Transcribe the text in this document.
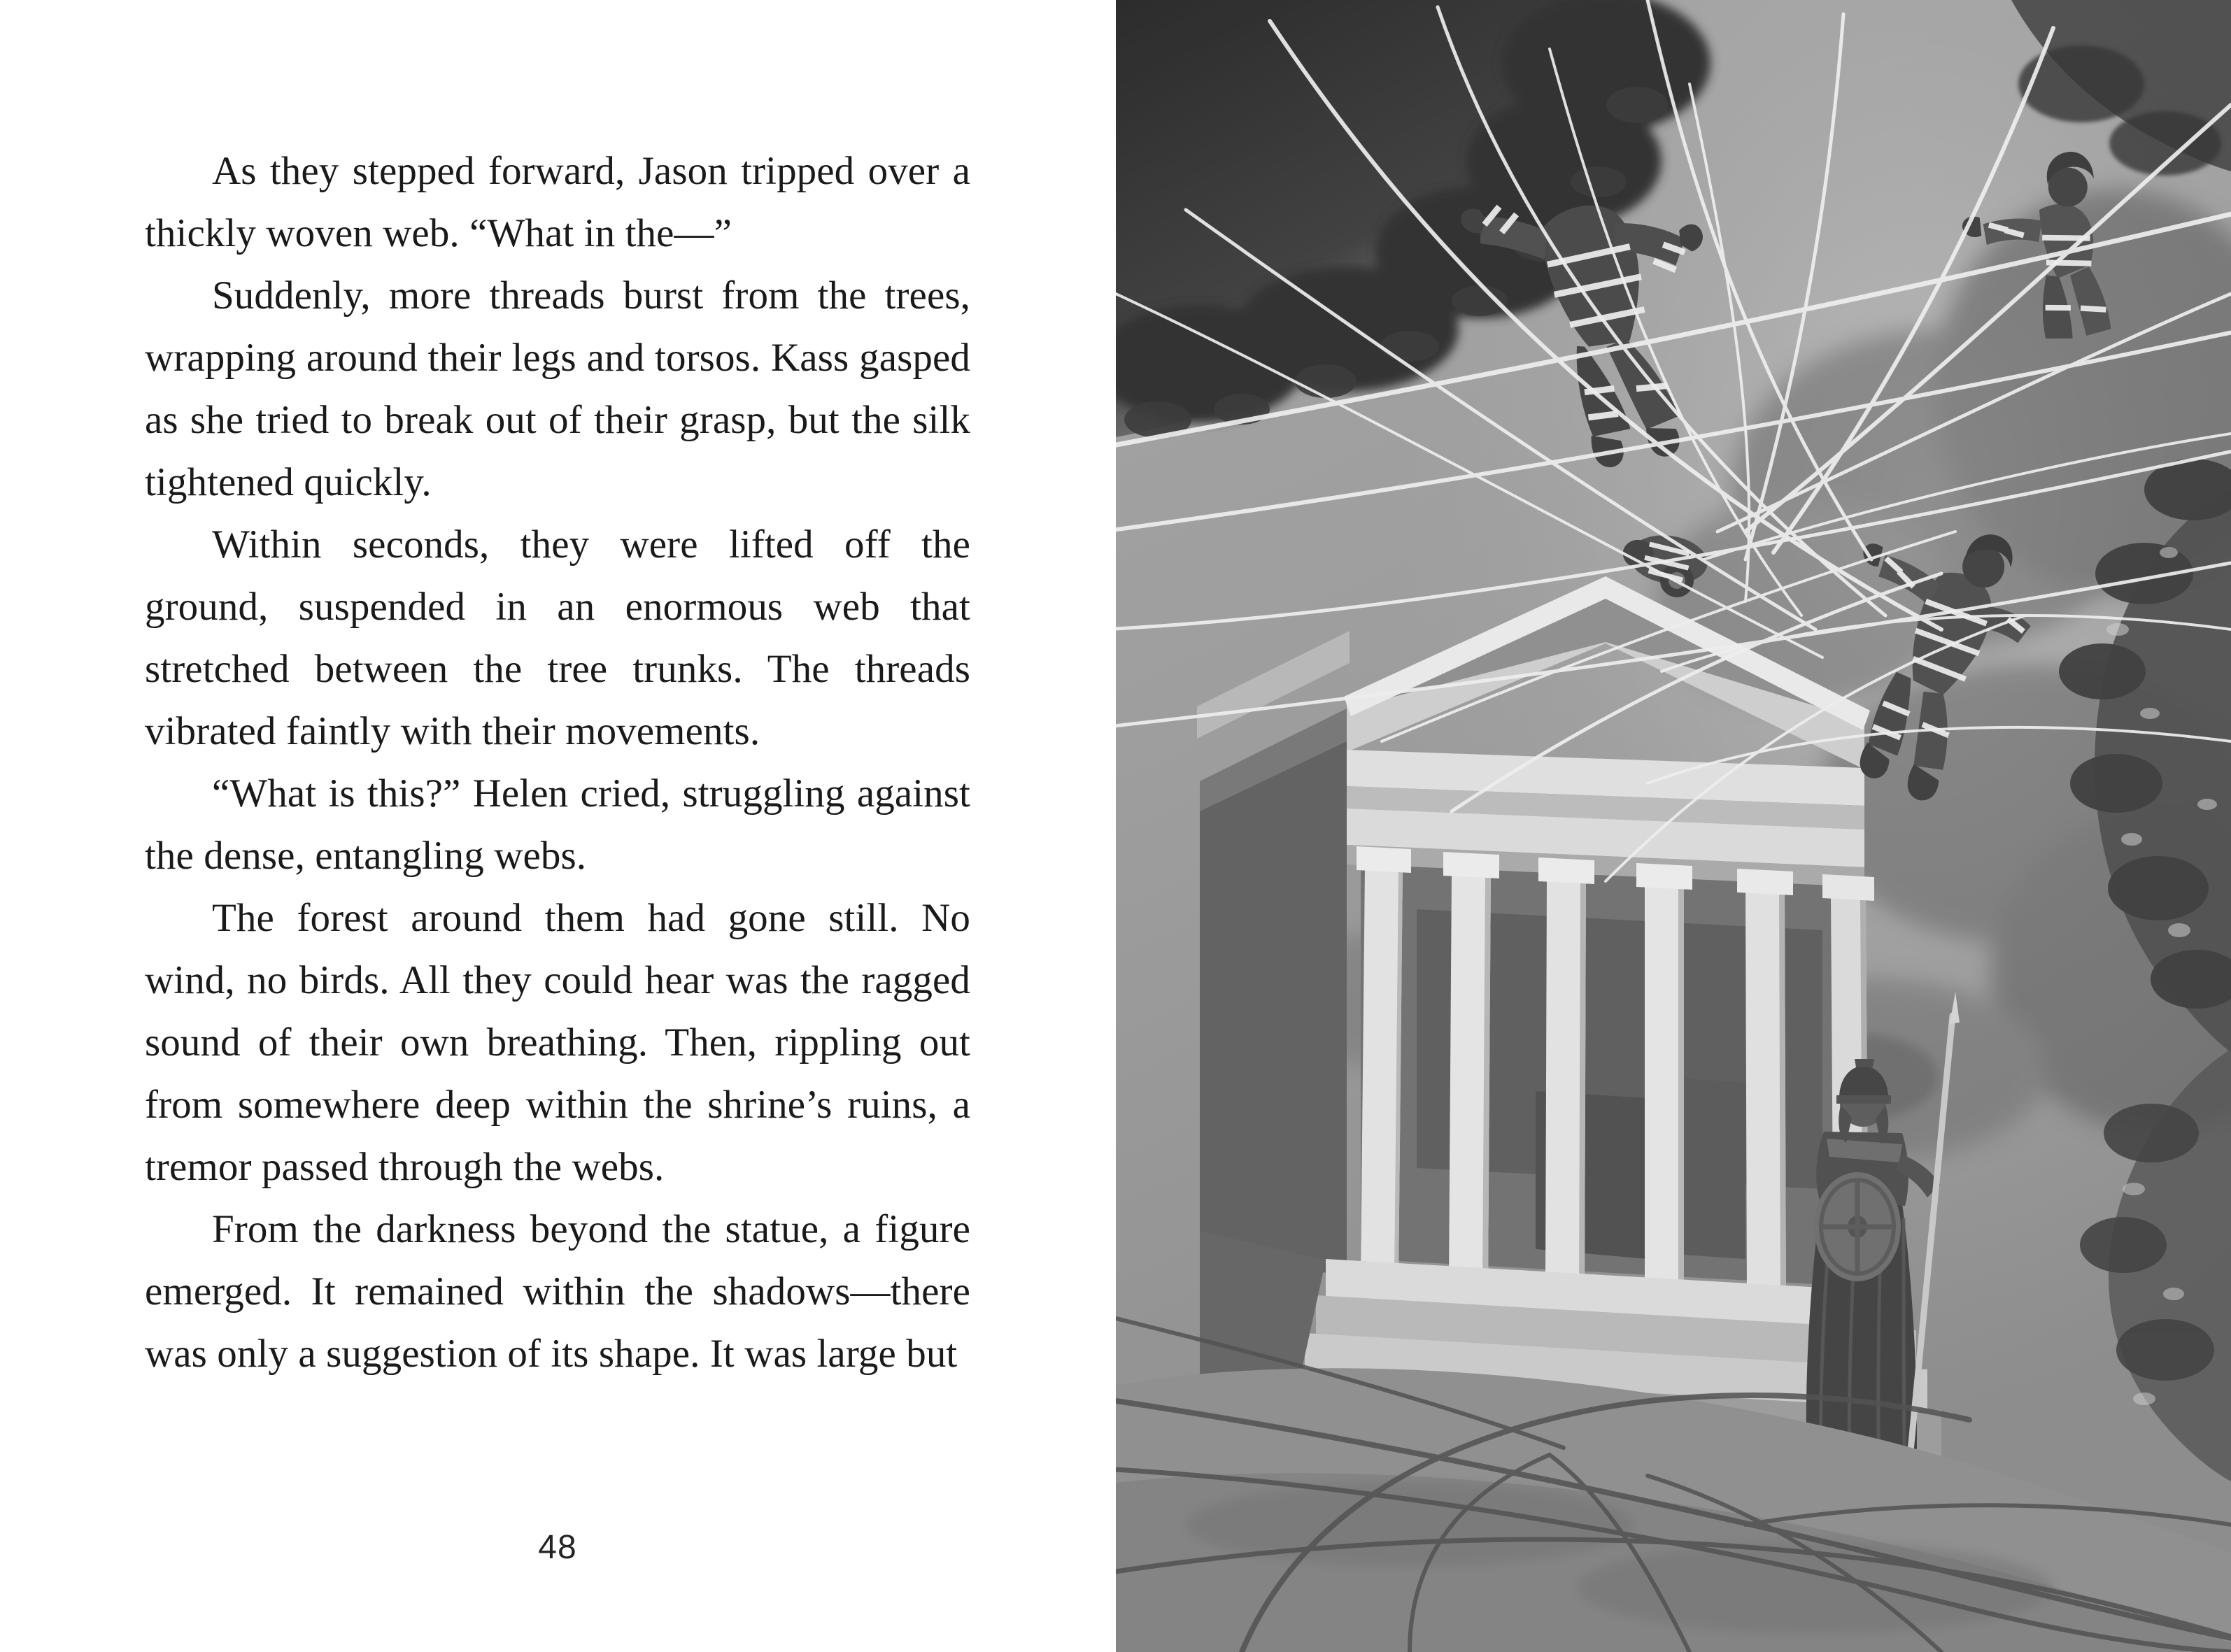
As they stepped forward, Jason tripped over a thickly woven web. “What in the—”

Suddenly, more threads burst from the trees, wrapping around their legs and torsos. Kass gasped as she tried to break out of their grasp, but the silk tightened quickly.

Within seconds, they were lifted off the ground, suspended in an enormous web that stretched between the tree trunks. The threads vibrated faintly with their movements.

“What is this?” Helen cried, struggling against the dense, entangling webs.

The forest around them had gone still. No wind, no birds. All they could hear was the ragged sound of their own breathing. Then, rippling out from somewhere deep within the shrine’s ruins, a tremor passed through the webs.

From the darkness beyond the statue, a figure emerged. It remained within the shadows—there was only a suggestion of its shape. It was large but

48
